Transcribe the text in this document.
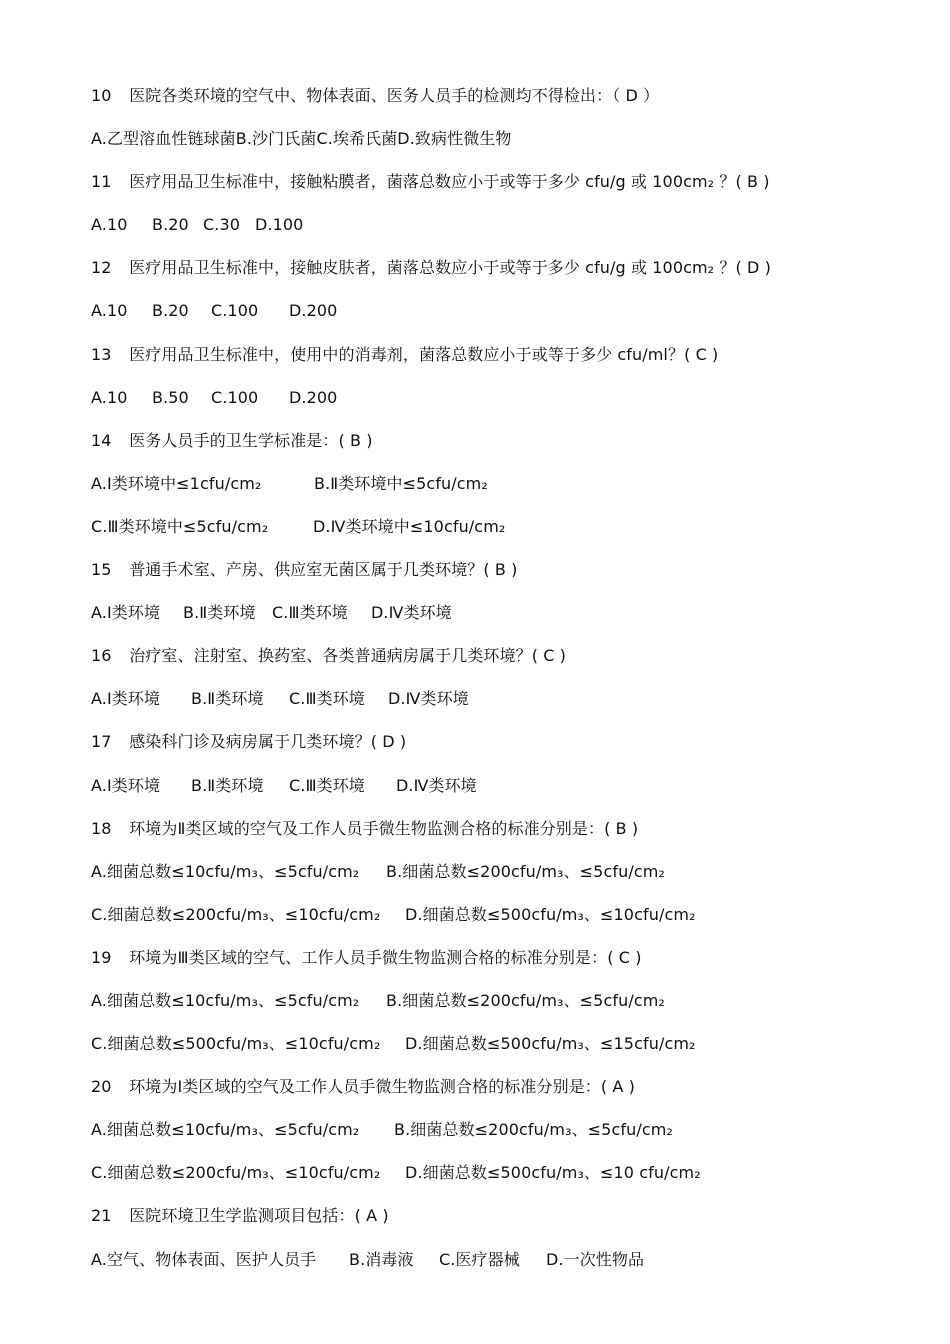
10 医院各类环境的空气中、物体表面、医务人员手的检测均不得检出：（ D ）
A.乙型溶血性链球菌B.沙门氏菌C.埃希氏菌D.致病性微生物
11 医疗用品卫生标准中，接触粘膜者，菌落总数应小于或等于多少 cfu/g 或 100cm₂ ？( B )
A.10 B.20 C.30 D.100
12 医疗用品卫生标准中，接触皮肤者，菌落总数应小于或等于多少 cfu/g 或 100cm₂ ？( D )
A.10 B.20 C.100 D.200
13 医疗用品卫生标准中，使用中的消毒剂，菌落总数应小于或等于多少 cfu/ml？( C )
A.10 B.50 C.100 D.200
14 医务人员手的卫生学标准是：( B )
A.Ⅰ类环境中≤1cfu/cm₂	B.Ⅱ类环境中≤5cfu/cm₂
C.Ⅲ类环境中≤5cfu/cm₂	D.Ⅳ类环境中≤10cfu/cm₂
15 普通手术室、产房、供应室无菌区属于几类环境？( B )
A.Ⅰ类环境 B.Ⅱ类环境 C.Ⅲ类环境 D.Ⅳ类环境
16 治疗室、注射室、换药室、各类普通病房属于几类环境？( C )
A.Ⅰ类环境 B.Ⅱ类环境 C.Ⅲ类环境 D.Ⅳ类环境
17 感染科门诊及病房属于几类环境？( D )
A.Ⅰ类环境 B.Ⅱ类环境 C.Ⅲ类环境 D.Ⅳ类环境
18 环境为Ⅱ类区域的空气及工作人员手微生物监测合格的标准分别是：( B )
A.细菌总数≤10cfu/m₃、≤5cfu/cm₂ B.细菌总数≤200cfu/m₃、≤5cfu/cm₂
C.细菌总数≤200cfu/m₃、≤10cfu/cm₂ D.细菌总数≤500cfu/m₃、≤10cfu/cm₂
19 环境为Ⅲ类区域的空气、工作人员手微生物监测合格的标准分别是：( C )
A.细菌总数≤10cfu/m₃、≤5cfu/cm₂ B.细菌总数≤200cfu/m₃、≤5cfu/cm₂
C.细菌总数≤500cfu/m₃、≤10cfu/cm₂ D.细菌总数≤500cfu/m₃、≤15cfu/cm₂
20 环境为Ⅰ类区域的空气及工作人员手微生物监测合格的标准分别是：( A )
A.细菌总数≤10cfu/m₃、≤5cfu/cm₂ B.细菌总数≤200cfu/m₃、≤5cfu/cm₂
C.细菌总数≤200cfu/m₃、≤10cfu/cm₂ D.细菌总数≤500cfu/m₃、≤10 cfu/cm₂
21 医院环境卫生学监测项目包括：( A )
A.空气、物体表面、医护人员手 B.消毒液 C.医疗器械 D.一次性物品
